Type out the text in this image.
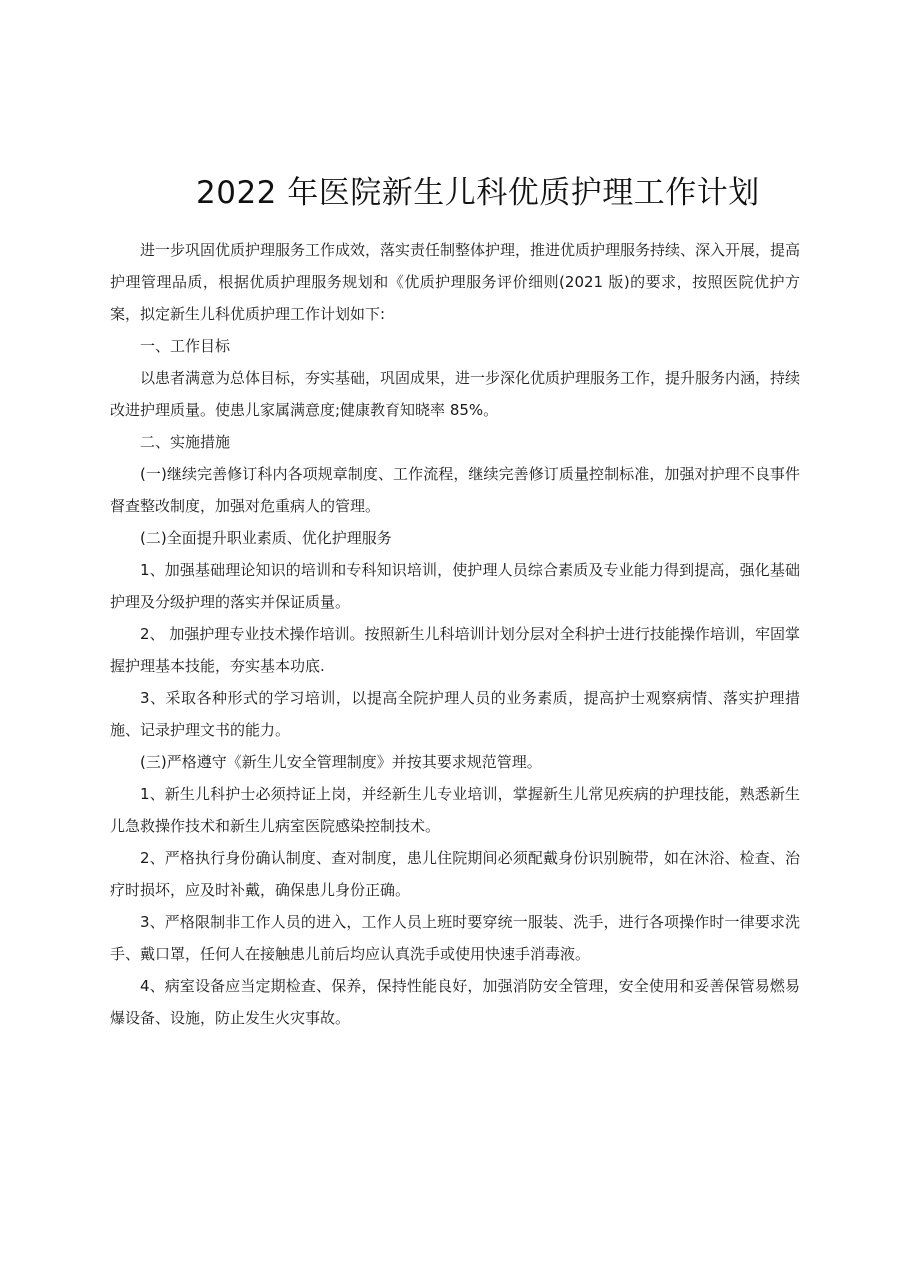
2022 年医院新生儿科优质护理工作计划

进一步巩固优质护理服务工作成效，落实责任制整体护理，推进优质护理服务持续、深入开展，提高护理管理品质，根据优质护理服务规划和《优质护理服务评价细则(2021 版)的要求，按照医院优护方案，拟定新生儿科优质护理工作计划如下:

一、工作目标

以患者满意为总体目标，夯实基础，巩固成果，进一步深化优质护理服务工作，提升服务内涵，持续改进护理质量。使患儿家属满意度;健康教育知晓率 85%。

二、实施措施

(一)继续完善修订科内各项规章制度、工作流程，继续完善修订质量控制标准，加强对护理不良事件督查整改制度，加强对危重病人的管理。

(二)全面提升职业素质、优化护理服务

1、加强基础理论知识的培训和专科知识培训，使护理人员综合素质及专业能力得到提高，强化基础护理及分级护理的落实并保证质量。

2、 加强护理专业技术操作培训。按照新生儿科培训计划分层对全科护士进行技能操作培训，牢固掌握护理基本技能，夯实基本功底.

3、采取各种形式的学习培训，以提高全院护理人员的业务素质，提高护士观察病情、落实护理措施、记录护理文书的能力。

(三)严格遵守《新生儿安全管理制度》并按其要求规范管理。

1、新生儿科护士必须持证上岗，并经新生儿专业培训，掌握新生儿常见疾病的护理技能，熟悉新生儿急救操作技术和新生儿病室医院感染控制技术。

2、严格执行身份确认制度、查对制度，患儿住院期间必须配戴身份识别腕带，如在沐浴、检查、治疗时损坏，应及时补戴，确保患儿身份正确。

3、严格限制非工作人员的进入，工作人员上班时要穿统一服装、洗手，进行各项操作时一律要求洗手、戴口罩，任何人在接触患儿前后均应认真洗手或使用快速手消毒液。

4、病室设备应当定期检查、保养，保持性能良好，加强消防安全管理，安全使用和妥善保管易燃易爆设备、设施，防止发生火灾事故。
